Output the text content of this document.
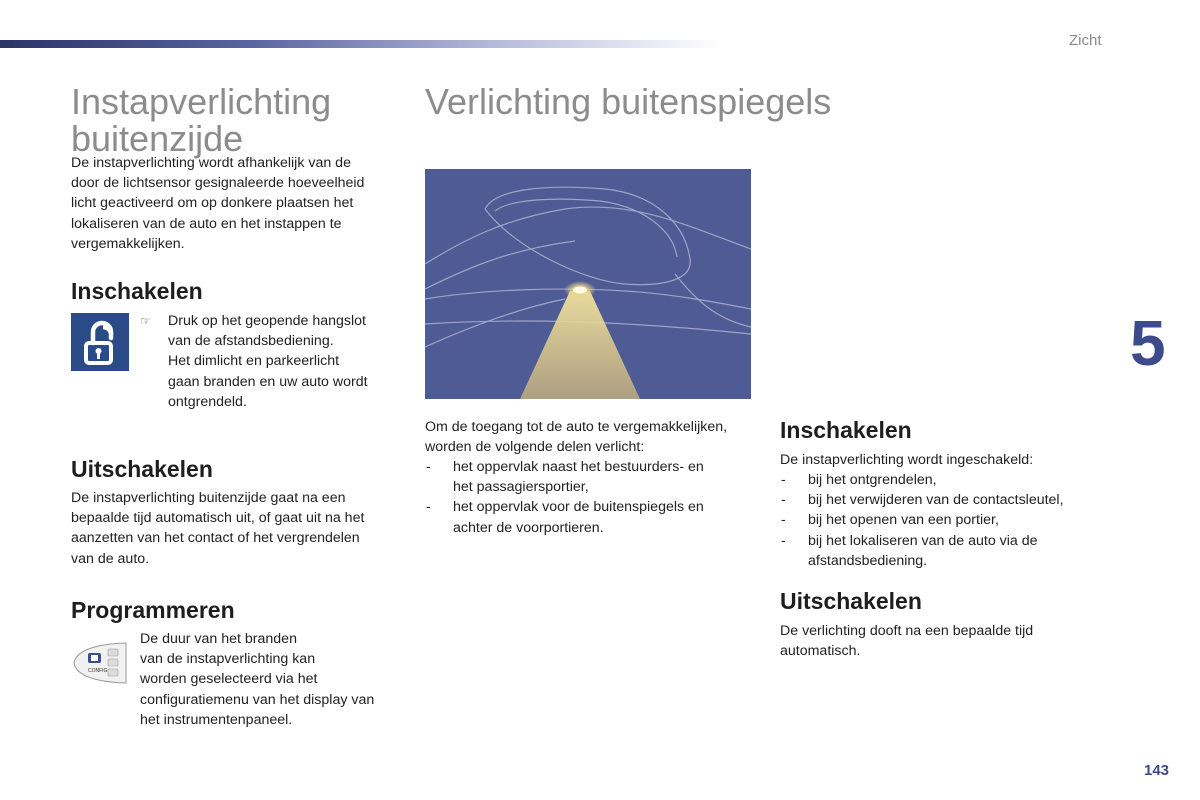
Zicht
5
143
Instapverlichting
buitenzijde
De instapverlichting wordt afhankelijk van de
door de lichtsensor gesignaleerde hoeveelheid
licht geactiveerd om op donkere plaatsen het
lokaliseren van de auto en het instappen te
vergemakkelijken.
Inschakelen
☞ Druk op het geopende hangslot
van de afstandsbediening.
Het dimlicht en parkeerlicht
gaan branden en uw auto wordt
ontgrendeld.
Uitschakelen
De instapverlichting buitenzijde gaat na een
bepaalde tijd automatisch uit, of gaat uit na het
aanzetten van het contact of het vergrendelen
van de auto.
Programmeren
CONFIG
De duur van het branden
van de instapverlichting kan
worden geselecteerd via het
configuratiemenu van het display van
het instrumentenpaneel.
Verlichting buitenspiegels
Om de toegang tot de auto te vergemakkelijken,
worden de volgende delen verlicht:
- het oppervlak naast het bestuurders- en
het passagiersportier,
- het oppervlak voor de buitenspiegels en
achter de voorportieren.
Inschakelen
De instapverlichting wordt ingeschakeld:
- bij het ontgrendelen,
- bij het verwijderen van de contactsleutel,
- bij het openen van een portier,
- bij het lokaliseren van de auto via de
afstandsbediening.
Uitschakelen
De verlichting dooft na een bepaalde tijd
automatisch.
